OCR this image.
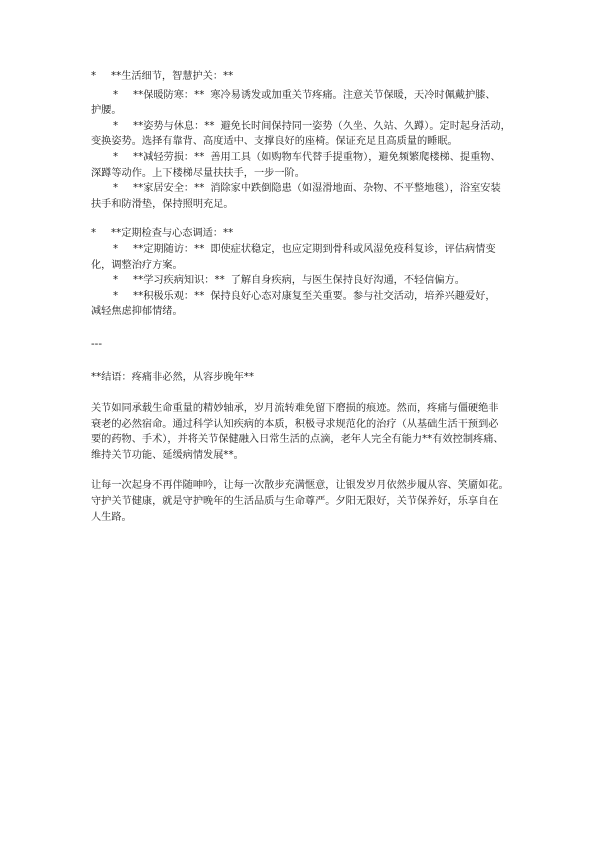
* **生活细节，智慧护关：**
* **保暖防寒：** 寒冷易诱发或加重关节疼痛。注意关节保暖，天冷时佩戴护膝、
护腰。
* **姿势与休息：** 避免长时间保持同一姿势（久坐、久站、久蹲）。定时起身活动，
变换姿势。选择有靠背、高度适中、支撑良好的座椅。保证充足且高质量的睡眠。
* **减轻劳损：** 善用工具（如购物车代替手提重物），避免频繁爬楼梯、提重物、
深蹲等动作。上下楼梯尽量扶扶手，一步一阶。
* **家居安全：** 消除家中跌倒隐患（如湿滑地面、杂物、不平整地毯），浴室安装
扶手和防滑垫，保持照明充足。
* **定期检查与心态调适：**
* **定期随访：** 即使症状稳定，也应定期到骨科或风湿免疫科复诊，评估病情变
化，调整治疗方案。
* **学习疾病知识：** 了解自身疾病，与医生保持良好沟通，不轻信偏方。
* **积极乐观：** 保持良好心态对康复至关重要。参与社交活动，培养兴趣爱好，
减轻焦虑抑郁情绪。
---
**结语：疼痛非必然，从容步晚年**
关节如同承载生命重量的精妙轴承，岁月流转难免留下磨损的痕迹。然而，疼痛与僵硬绝非
衰老的必然宿命。通过科学认知疾病的本质，积极寻求规范化的治疗（从基础生活干预到必
要的药物、手术），并将关节保健融入日常生活的点滴，老年人完全有能力**有效控制疼痛、
维持关节功能、延缓病情发展**。
让每一次起身不再伴随呻吟，让每一次散步充满惬意，让银发岁月依然步履从容、笑靥如花。
守护关节健康，就是守护晚年的生活品质与生命尊严。夕阳无限好，关节保养好，乐享自在
人生路。
